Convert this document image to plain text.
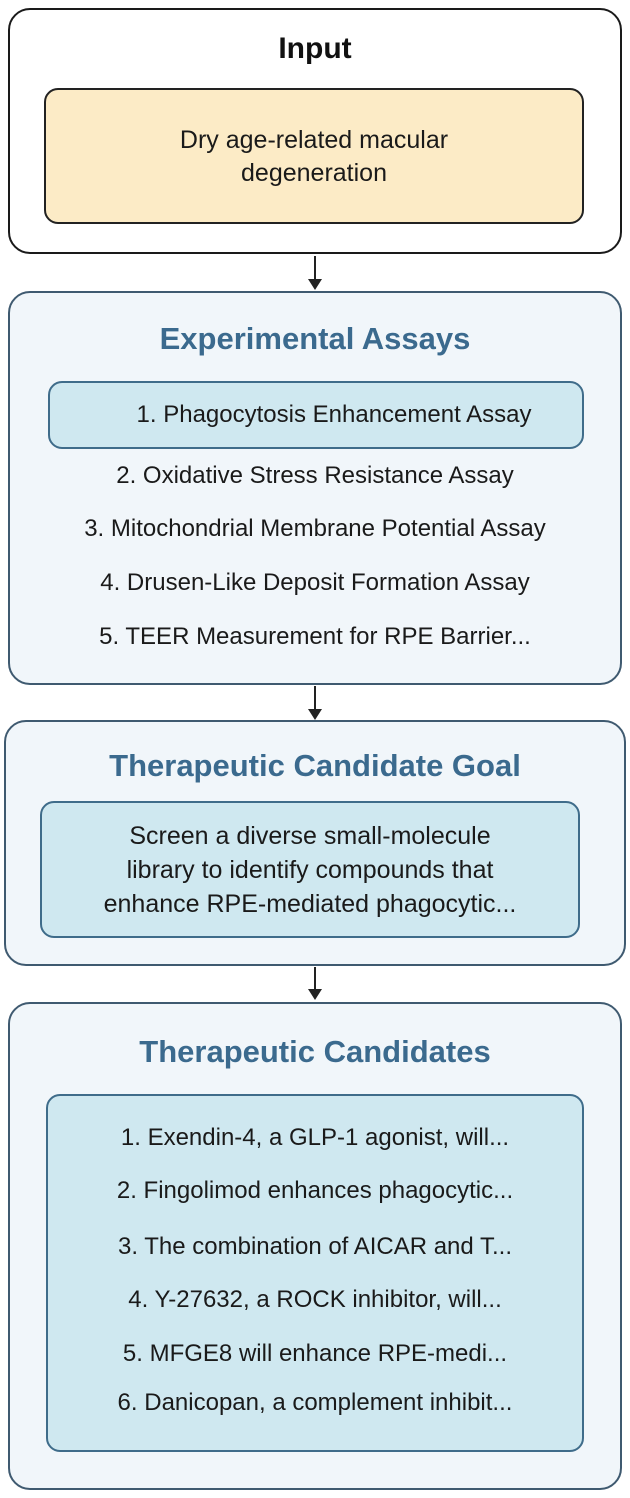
Input
Dry age-related macular
degeneration
Experimental Assays
1. Phagocytosis Enhancement Assay
2. Oxidative Stress Resistance Assay
3. Mitochondrial Membrane Potential Assay
4. Drusen-Like Deposit Formation Assay
5. TEER Measurement for RPE Barrier...
Therapeutic Candidate Goal
Screen a diverse small-molecule
library to identify compounds that
enhance RPE-mediated phagocytic...
Therapeutic Candidates
1. Exendin-4, a GLP-1 agonist, will...
2. Fingolimod enhances phagocytic...
3. The combination of AICAR and T...
4. Y-27632, a ROCK inhibitor, will...
5. MFGE8 will enhance RPE-medi...
6. Danicopan, a complement inhibit...
